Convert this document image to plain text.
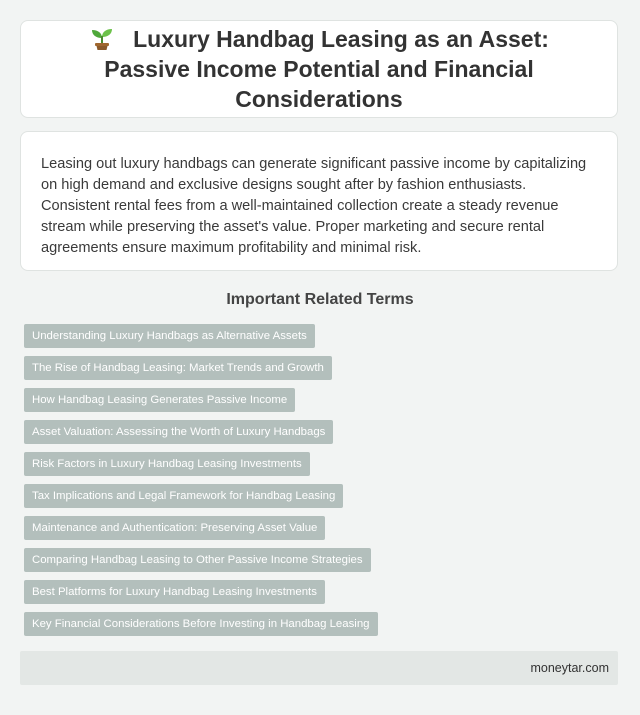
Luxury Handbag Leasing as an Asset: Passive Income Potential and Financial Considerations

Leasing out luxury handbags can generate significant passive income by capitalizing on high demand and exclusive designs sought after by fashion enthusiasts. Consistent rental fees from a well-maintained collection create a steady revenue stream while preserving the asset's value. Proper marketing and secure rental agreements ensure maximum profitability and minimal risk.

Important Related Terms
Understanding Luxury Handbags as Alternative Assets
The Rise of Handbag Leasing: Market Trends and Growth
How Handbag Leasing Generates Passive Income
Asset Valuation: Assessing the Worth of Luxury Handbags
Risk Factors in Luxury Handbag Leasing Investments
Tax Implications and Legal Framework for Handbag Leasing
Maintenance and Authentication: Preserving Asset Value
Comparing Handbag Leasing to Other Passive Income Strategies
Best Platforms for Luxury Handbag Leasing Investments
Key Financial Considerations Before Investing in Handbag Leasing
moneytar.com
